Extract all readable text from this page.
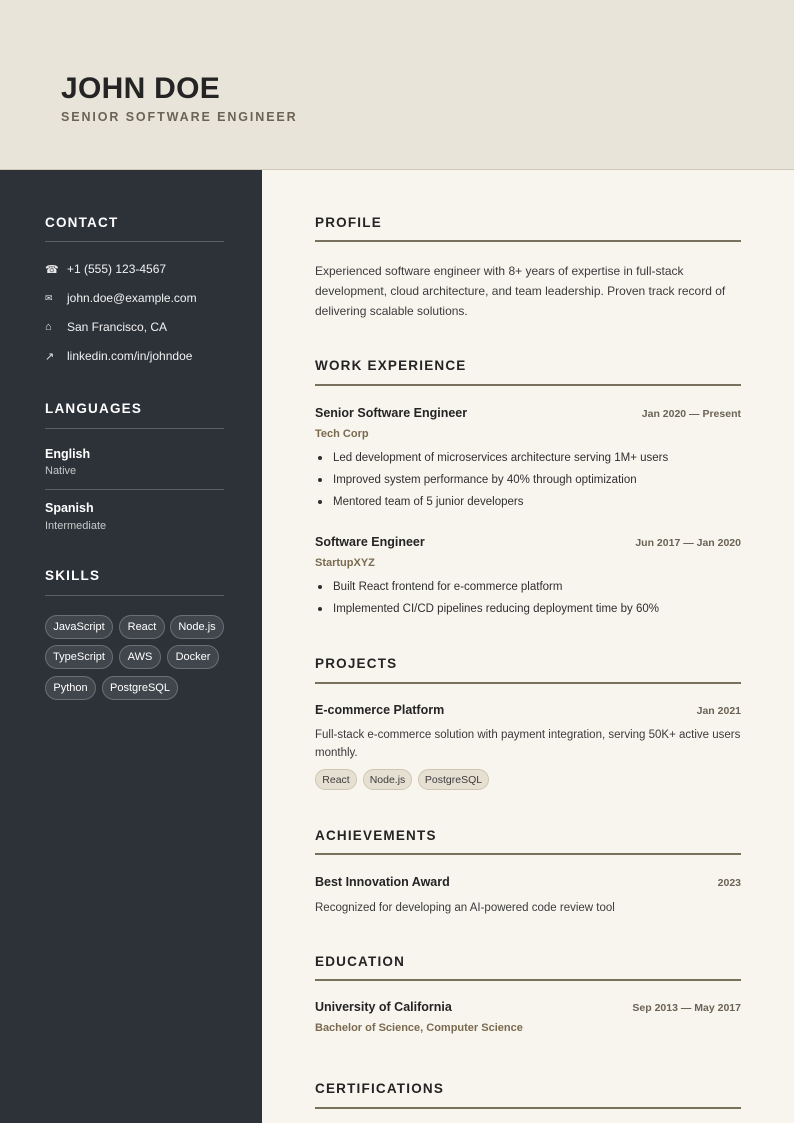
JOHN DOE
SENIOR SOFTWARE ENGINEER
CONTACT
☎ +1 (555) 123-4567
✉	john.doe@example.com
⌂	San Francisco, CA
↗	linkedin.com/in/johndoe
LANGUAGES
English
Native
Spanish
Intermediate
SKILLS
JavaScript	React	Node.js
TypeScript	AWS	Docker
Python	PostgreSQL
PROFILE
Experienced software engineer with 8+ years of expertise in full-stack development, cloud architecture, and team leadership. Proven track record of delivering scalable solutions.
WORK EXPERIENCE
Senior Software Engineer	Jan 2020 — Present
Tech Corp
Led development of microservices architecture serving 1M+ users
Improved system performance by 40% through optimization
Mentored team of 5 junior developers
Software Engineer	Jun 2017 — Jan 2020
StartupXYZ
Built React frontend for e-commerce platform
Implemented CI/CD pipelines reducing deployment time by 60%
PROJECTS
E-commerce Platform	Jan 2021
Full-stack e-commerce solution with payment integration, serving 50K+ active users monthly.
React	Node.js	PostgreSQL
ACHIEVEMENTS
Best Innovation Award	2023
Recognized for developing an AI-powered code review tool
EDUCATION
University of California	Sep 2013 — May 2017
Bachelor of Science, Computer Science
CERTIFICATIONS
